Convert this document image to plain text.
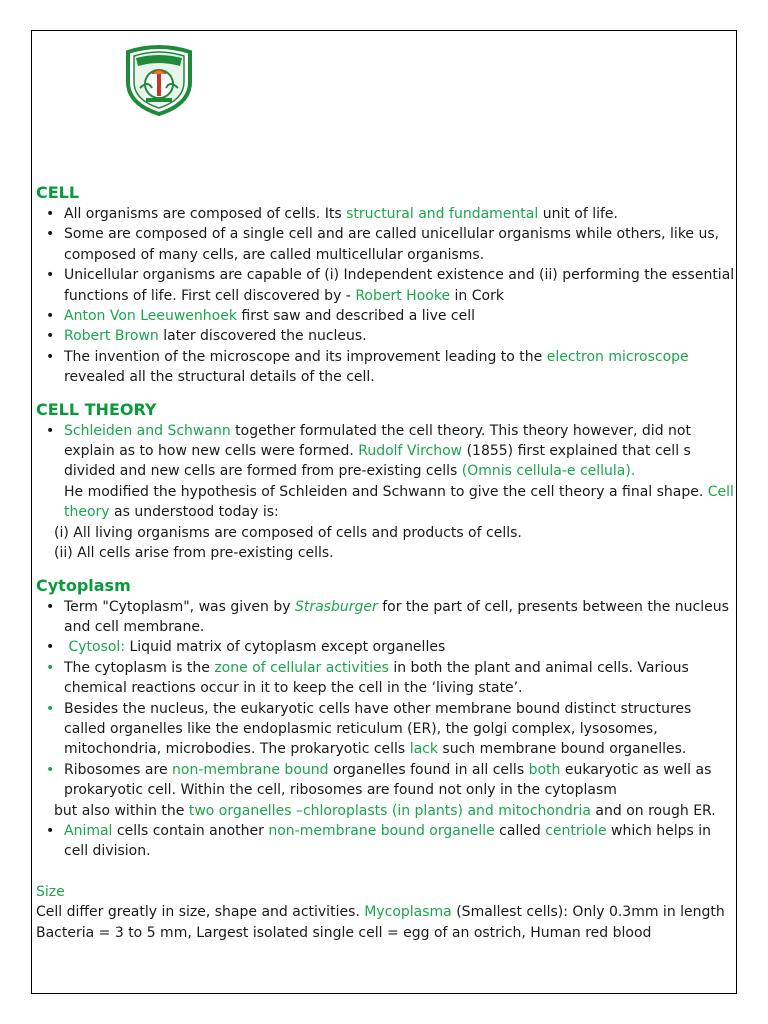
CELL
• All organisms are composed of cells. Its structural and fundamental unit of life.
• Some are composed of a single cell and are called unicellular organisms while others, like us, composed of many cells, are called multicellular organisms.
• Unicellular organisms are capable of (i) Independent existence and (ii) performing the essential functions of life. First cell discovered by - Robert Hooke in Cork
• Anton Von Leeuwenhoek first saw and described a live cell
• Robert Brown later discovered the nucleus.
• The invention of the microscope and its improvement leading to the electron microscope revealed all the structural details of the cell.
CELL THEORY
• Schleiden and Schwann together formulated the cell theory. This theory however, did not explain as to how new cells were formed. Rudolf Virchow (1855) first explained that cell s divided and new cells are formed from pre-existing cells (Omnis cellula-e cellula).
He modified the hypothesis of Schleiden and Schwann to give the cell theory a final shape. Cell theory as understood today is:
(i) All living organisms are composed of cells and products of cells.
(ii) All cells arise from pre-existing cells.
Cytoplasm
• Term "Cytoplasm", was given by Strasburger for the part of cell, presents between the nucleus and cell membrane.
• Cytosol: Liquid matrix of cytoplasm except organelles
• The cytoplasm is the zone of cellular activities in both the plant and animal cells. Various chemical reactions occur in it to keep the cell in the ‘living state’.
• Besides the nucleus, the eukaryotic cells have other membrane bound distinct structures called organelles like the endoplasmic reticulum (ER), the golgi complex, lysosomes, mitochondria, microbodies. The prokaryotic cells lack such membrane bound organelles.
• Ribosomes are non-membrane bound organelles found in all cells both eukaryotic as well as prokaryotic cell. Within the cell, ribosomes are found not only in the cytoplasm
but also within the two organelles –chloroplasts (in plants) and mitochondria and on rough ER.
• Animal cells contain another non-membrane bound organelle called centriole which helps in cell division.
Size
Cell differ greatly in size, shape and activities. Mycoplasma (Smallest cells): Only 0.3mm in length Bacteria = 3 to 5 mm, Largest isolated single cell = egg of an ostrich, Human red blood
